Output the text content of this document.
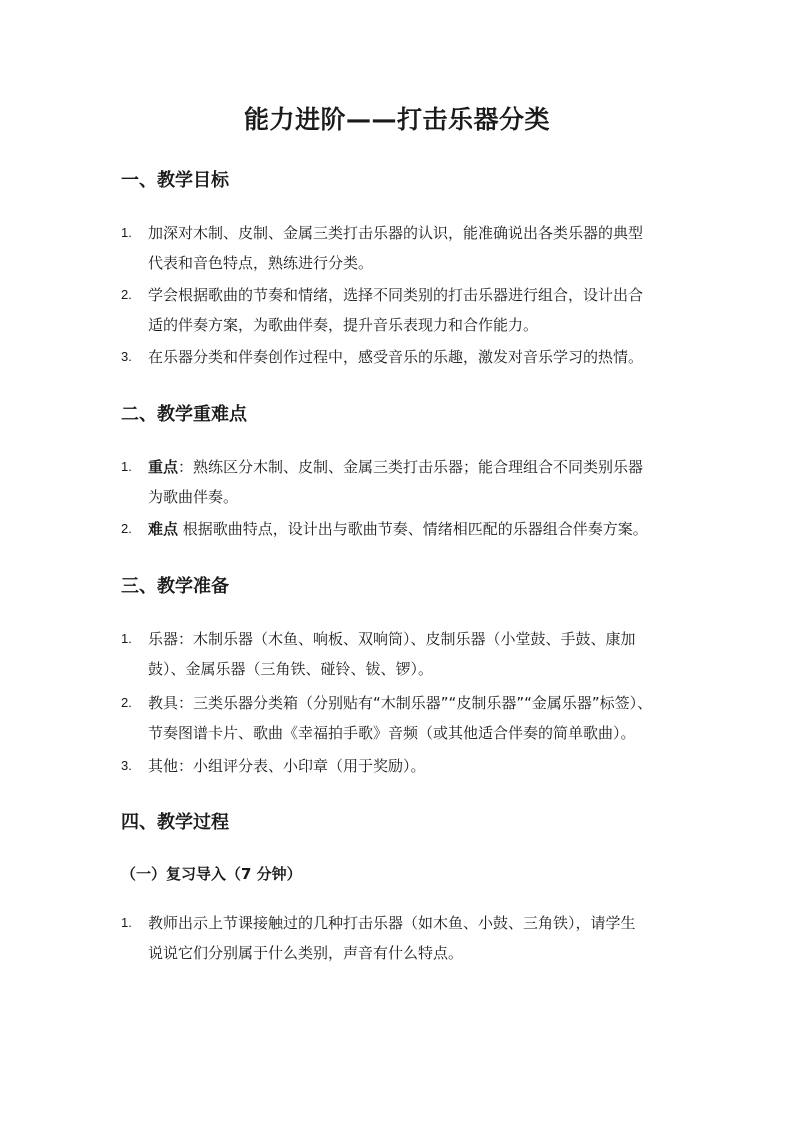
能力进阶——打击乐器分类
一、教学目标
1.	加深对木制、皮制、金属三类打击乐器的认识，能准确说出各类乐器的典型
代表和音色特点，熟练进行分类。
2.	学会根据歌曲的节奏和情绪，选择不同类别的打击乐器进行组合，设计出合
适的伴奏方案，为歌曲伴奏，提升音乐表现力和合作能力。
3.	在乐器分类和伴奏创作过程中，感受音乐的乐趣，激发对音乐学习的热情。
二、教学重难点
1.	重点：熟练区分木制、皮制、金属三类打击乐器；能合理组合不同类别乐器
为歌曲伴奏。
2.	难点 根据歌曲特点，设计出与歌曲节奏、情绪相匹配的乐器组合伴奏方案。
三、教学准备
1.	乐器：木制乐器（木鱼、响板、双响筒）、皮制乐器（小堂鼓、手鼓、康加
鼓）、金属乐器（三角铁、碰铃、钹、锣）。
2.	教具：三类乐器分类箱（分别贴有“木制乐器”“皮制乐器”“金属乐器”标签）、
节奏图谱卡片、歌曲《幸福拍手歌》音频（或其他适合伴奏的简单歌曲）。
3.	其他：小组评分表、小印章（用于奖励）。
四、教学过程
（一）复习导入（7 分钟）
1.	教师出示上节课接触过的几种打击乐器（如木鱼、小鼓、三角铁），请学生
说说它们分别属于什么类别，声音有什么特点。
